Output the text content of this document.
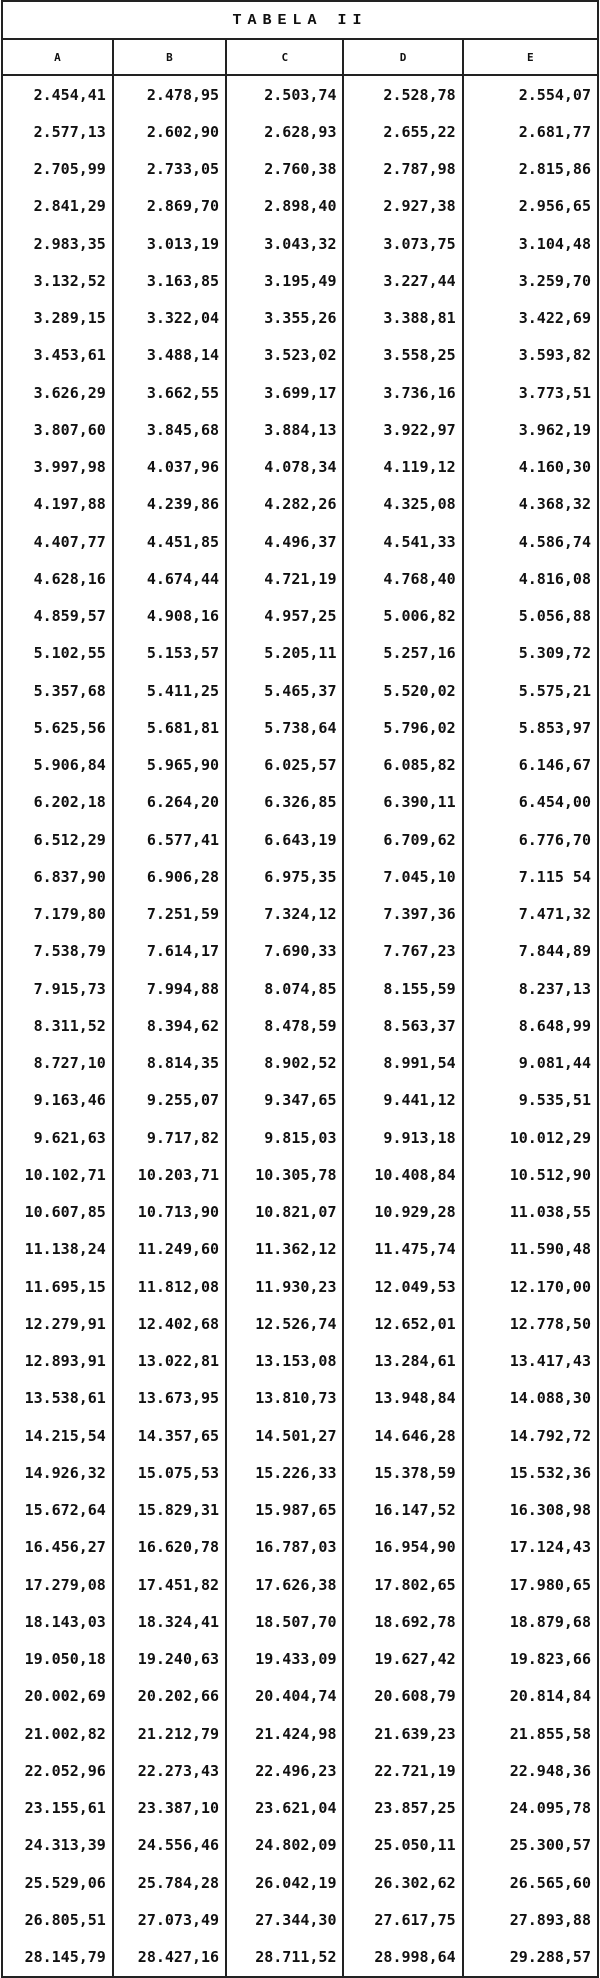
TABELA II
A	B	C	D	E
2.454,41	2.478,95	2.503,74	2.528,78	2.554,07
2.577,13	2.602,90	2.628,93	2.655,22	2.681,77
2.705,99	2.733,05	2.760,38	2.787,98	2.815,86
2.841,29	2.869,70	2.898,40	2.927,38	2.956,65
2.983,35	3.013,19	3.043,32	3.073,75	3.104,48
3.132,52	3.163,85	3.195,49	3.227,44	3.259,70
3.289,15	3.322,04	3.355,26	3.388,81	3.422,69
3.453,61	3.488,14	3.523,02	3.558,25	3.593,82
3.626,29	3.662,55	3.699,17	3.736,16	3.773,51
3.807,60	3.845,68	3.884,13	3.922,97	3.962,19
3.997,98	4.037,96	4.078,34	4.119,12	4.160,30
4.197,88	4.239,86	4.282,26	4.325,08	4.368,32
4.407,77	4.451,85	4.496,37	4.541,33	4.586,74
4.628,16	4.674,44	4.721,19	4.768,40	4.816,08
4.859,57	4.908,16	4.957,25	5.006,82	5.056,88
5.102,55	5.153,57	5.205,11	5.257,16	5.309,72
5.357,68	5.411,25	5.465,37	5.520,02	5.575,21
5.625,56	5.681,81	5.738,64	5.796,02	5.853,97
5.906,84	5.965,90	6.025,57	6.085,82	6.146,67
6.202,18	6.264,20	6.326,85	6.390,11	6.454,00
6.512,29	6.577,41	6.643,19	6.709,62	6.776,70
6.837,90	6.906,28	6.975,35	7.045,10	7.115 54
7.179,80	7.251,59	7.324,12	7.397,36	7.471,32
7.538,79	7.614,17	7.690,33	7.767,23	7.844,89
7.915,73	7.994,88	8.074,85	8.155,59	8.237,13
8.311,52	8.394,62	8.478,59	8.563,37	8.648,99
8.727,10	8.814,35	8.902,52	8.991,54	9.081,44
9.163,46	9.255,07	9.347,65	9.441,12	9.535,51
9.621,63	9.717,82	9.815,03	9.913,18	10.012,29
10.102,71	10.203,71	10.305,78	10.408,84	10.512,90
10.607,85	10.713,90	10.821,07	10.929,28	11.038,55
11.138,24	11.249,60	11.362,12	11.475,74	11.590,48
11.695,15	11.812,08	11.930,23	12.049,53	12.170,00
12.279,91	12.402,68	12.526,74	12.652,01	12.778,50
12.893,91	13.022,81	13.153,08	13.284,61	13.417,43
13.538,61	13.673,95	13.810,73	13.948,84	14.088,30
14.215,54	14.357,65	14.501,27	14.646,28	14.792,72
14.926,32	15.075,53	15.226,33	15.378,59	15.532,36
15.672,64	15.829,31	15.987,65	16.147,52	16.308,98
16.456,27	16.620,78	16.787,03	16.954,90	17.124,43
17.279,08	17.451,82	17.626,38	17.802,65	17.980,65
18.143,03	18.324,41	18.507,70	18.692,78	18.879,68
19.050,18	19.240,63	19.433,09	19.627,42	19.823,66
20.002,69	20.202,66	20.404,74	20.608,79	20.814,84
21.002,82	21.212,79	21.424,98	21.639,23	21.855,58
22.052,96	22.273,43	22.496,23	22.721,19	22.948,36
23.155,61	23.387,10	23.621,04	23.857,25	24.095,78
24.313,39	24.556,46	24.802,09	25.050,11	25.300,57
25.529,06	25.784,28	26.042,19	26.302,62	26.565,60
26.805,51	27.073,49	27.344,30	27.617,75	27.893,88
28.145,79	28.427,16	28.711,52	28.998,64	29.288,57
